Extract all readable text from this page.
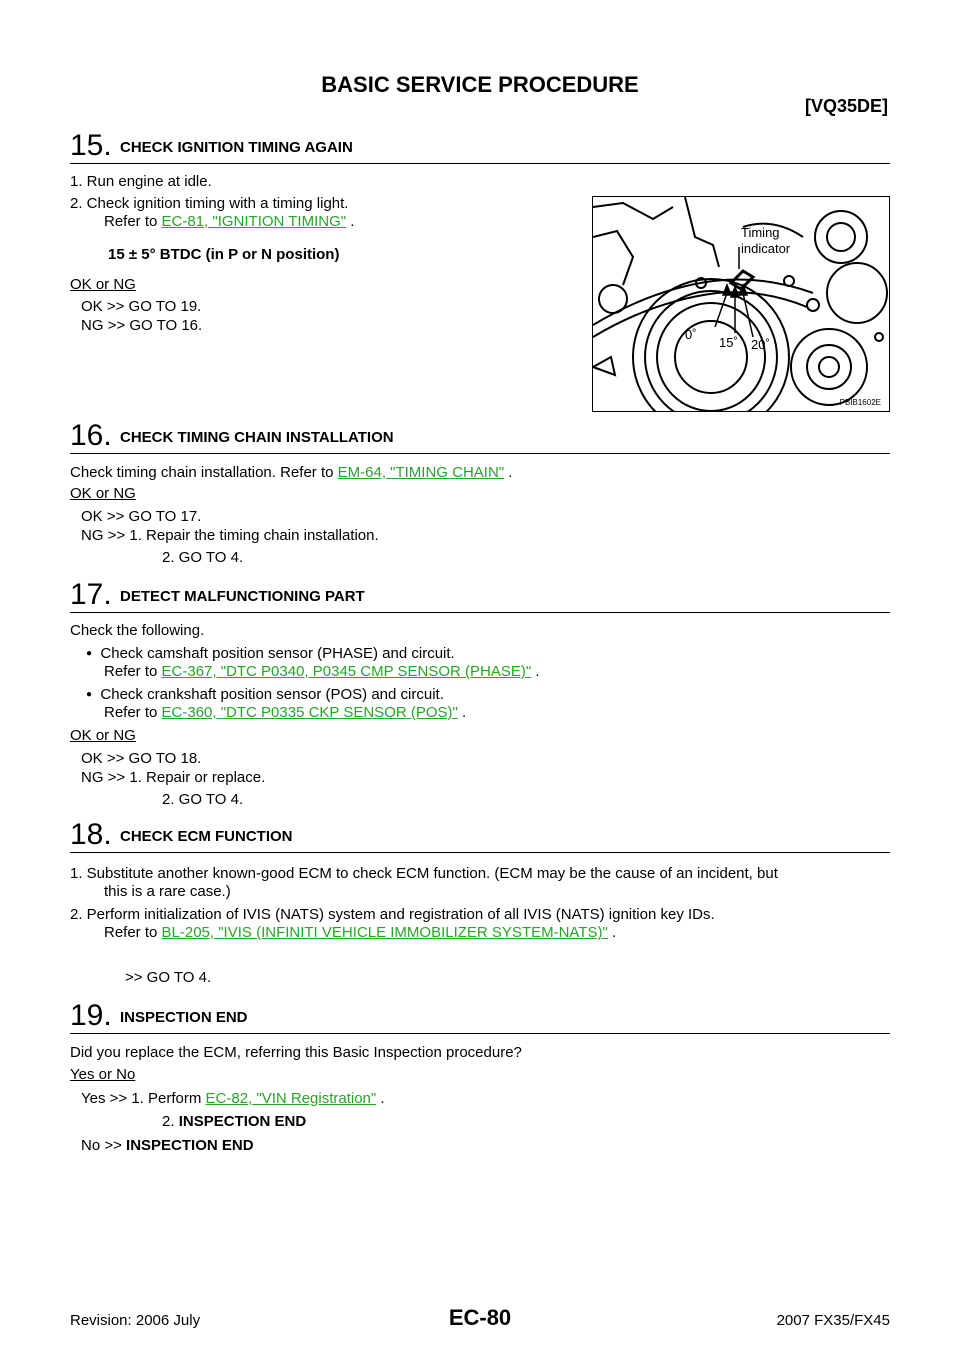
BASIC SERVICE PROCEDURE
[VQ35DE]
15. CHECK IGNITION TIMING AGAIN
1. Run engine at idle.
2. Check ignition timing with a timing light.
Refer to EC-81, "IGNITION TIMING" .
15 ± 5° BTDC (in P or N position)
OK or NG
OK >> GO TO 19.
NG >> GO TO 16.
Timing
indicator
0˚
15˚ 20˚
PBIB1602E
16. CHECK TIMING CHAIN INSTALLATION
Check timing chain installation. Refer to EM-64, "TIMING CHAIN" .
OK or NG
OK >> GO TO 17.
NG >> 1. Repair the timing chain installation.
2. GO TO 4.
17. DETECT MALFUNCTIONING PART
Check the following.
● Check camshaft position sensor (PHASE) and circuit.
Refer to EC-367, "DTC P0340, P0345 CMP SENSOR (PHASE)" .
● Check crankshaft position sensor (POS) and circuit.
Refer to EC-360, "DTC P0335 CKP SENSOR (POS)" .
OK or NG
OK >> GO TO 18.
NG >> 1. Repair or replace.
2. GO TO 4.
18. CHECK ECM FUNCTION
1. Substitute another known-good ECM to check ECM function. (ECM may be the cause of an incident, but
this is a rare case.)
2. Perform initialization of IVIS (NATS) system and registration of all IVIS (NATS) ignition key IDs.
Refer to BL-205, "IVIS (INFINITI VEHICLE IMMOBILIZER SYSTEM-NATS)" .
>> GO TO 4.
19. INSPECTION END
Did you replace the ECM, referring this Basic Inspection procedure?
Yes or No
Yes >> 1. Perform EC-82, "VIN Registration" .
2. INSPECTION END
No >> INSPECTION END
Revision: 2006 July	EC-80	2007 FX35/FX45
